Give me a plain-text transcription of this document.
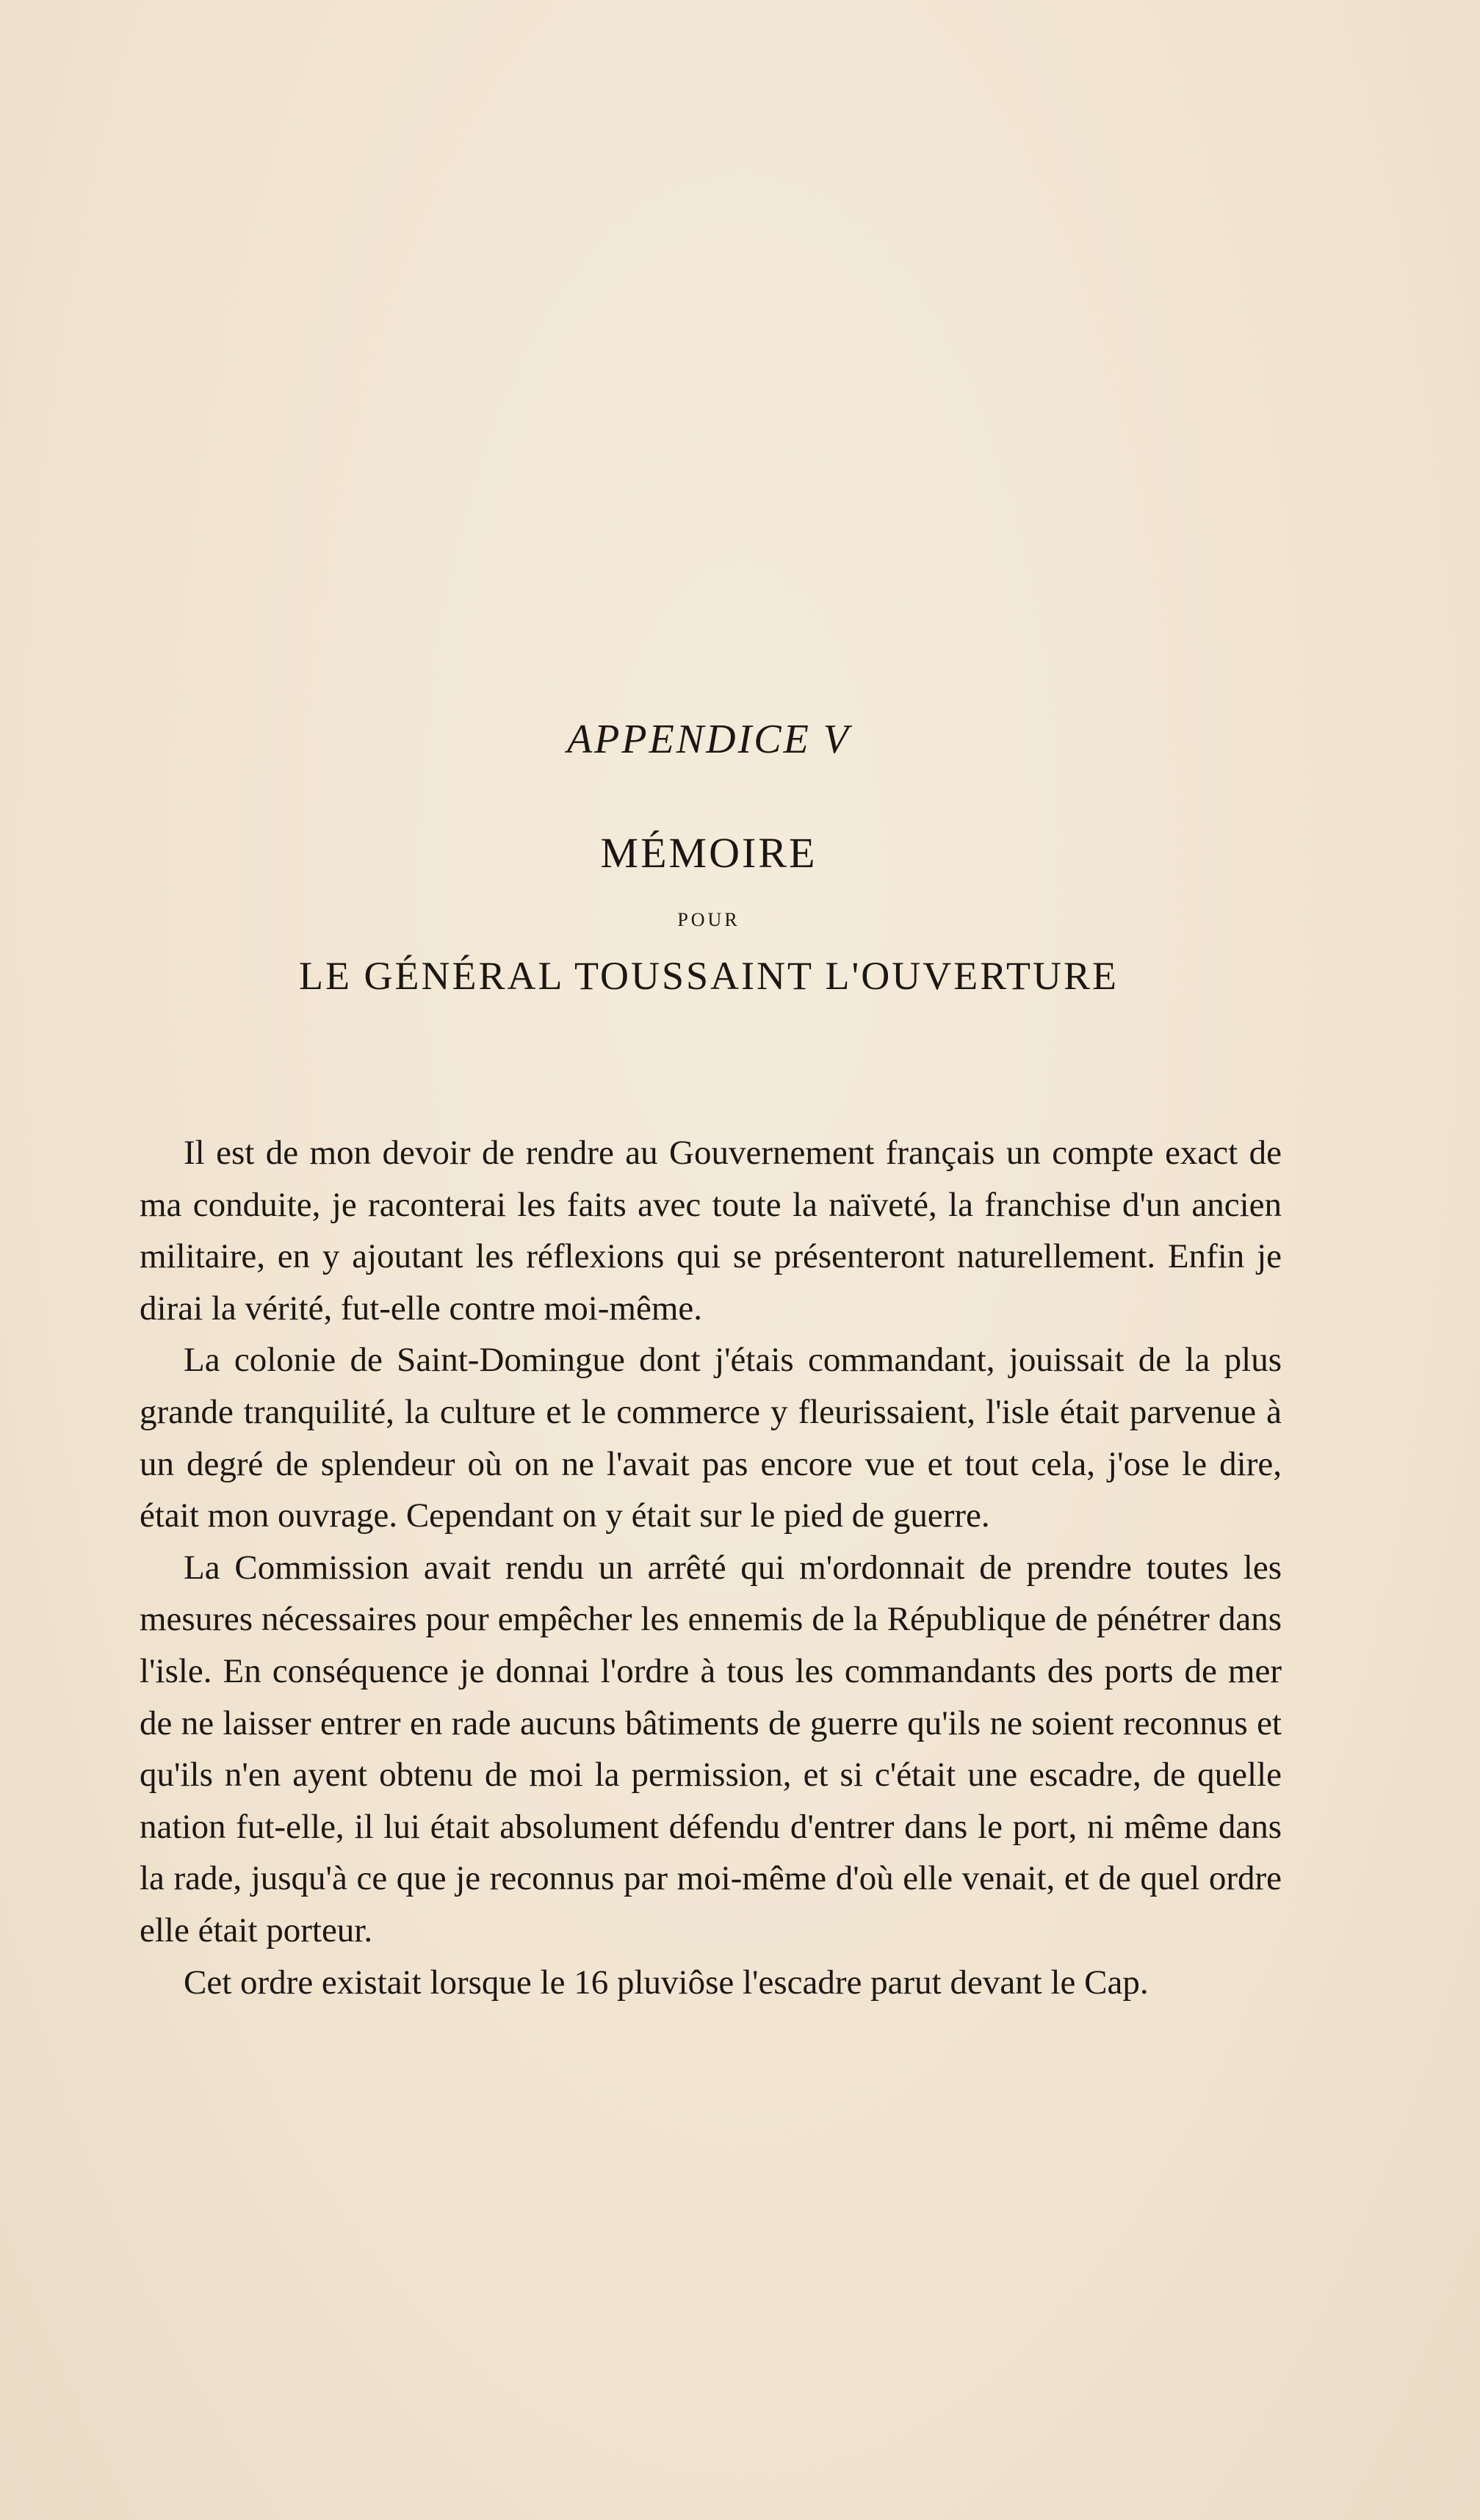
APPENDICE V
MÉMOIRE
POUR
LE GÉNÉRAL TOUSSAINT L'OUVERTURE

Il est de mon devoir de rendre au Gouvernement français un compte exact de ma conduite, je raconterai les faits avec toute la naïveté, la franchise d'un ancien militaire, en y ajoutant les réflexions qui se présenteront naturellement. Enfin je dirai la vérité, fut-elle contre moi-même.

La colonie de Saint-Domingue dont j'étais commandant, jouissait de la plus grande tranquilité, la culture et le commerce y fleurissaient, l'isle était parvenue à un degré de splendeur où on ne l'avait pas encore vue et tout cela, j'ose le dire, était mon ouvrage. Cependant on y était sur le pied de guerre.

La Commission avait rendu un arrêté qui m'ordonnait de prendre toutes les mesures nécessaires pour empêcher les ennemis de la République de pénétrer dans l'isle. En conséquence je donnai l'ordre à tous les commandants des ports de mer de ne laisser entrer en rade aucuns bâtiments de guerre qu'ils ne soient reconnus et qu'ils n'en ayent obtenu de moi la permission, et si c'était une escadre, de quelle nation fut-elle, il lui était absolument défendu d'entrer dans le port, ni même dans la rade, jusqu'à ce que je reconnus par moi-même d'où elle venait, et de quel ordre elle était porteur.

Cet ordre existait lorsque le 16 pluviôse l'escadre parut devant le Cap.
